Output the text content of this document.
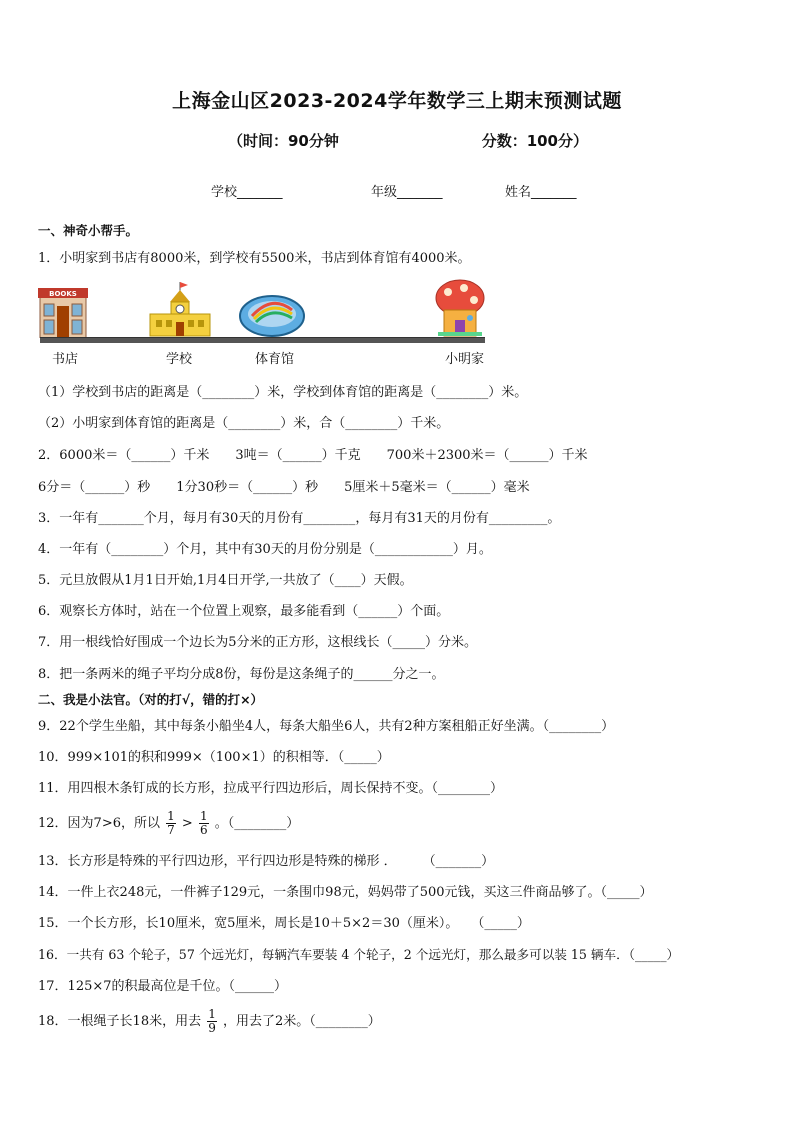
上海金山区2023-2024学年数学三上期末预测试题
（时间：90分钟	分数：100分）
学校_______	年级_______	姓名_______
一、神奇小帮手。
1．小明家到书店有8000米，到学校有5500米，书店到体育馆有4000米。
BOOKS
书店	学校	体育馆	小明家
（1）学校到书店的距离是（________）米，学校到体育馆的距离是（________）米。
（2）小明家到体育馆的距离是（________）米，合（________）千米。
2．6000米＝（______）千米　　3吨＝（______）千克　　700米＋2300米＝（______）千米
6分＝（______）秒　　1分30秒＝（______）秒　　5厘米＋5毫米＝（______）毫米
3．一年有_______个月，每月有30天的月份有________，每月有31天的月份有_________。
4．一年有（________）个月，其中有30天的月份分别是（____________）月。
5．元旦放假从1月1日开始,1月4日开学,一共放了（____）天假。
6．观察长方体时，站在一个位置上观察，最多能看到（______）个面。
7．用一根线恰好围成一个边长为5分米的正方形，这根线长（_____）分米。
8．把一条两米的绳子平均分成8份，每份是这条绳子的______分之一。
二、我是小法官。（对的打√，错的打×）
9．22个学生坐船，其中每条小船坐4人，每条大船坐6人，共有2种方案租船正好坐满。（________）
10．999×101的积和999×（100×1）的积相等．（_____）
11．用四根木条钉成的长方形，拉成平行四边形后，周长保持不变。（________）
12．因为7>6，所以 $\frac{1}{7} > \frac{1}{6}$ 。（________）
13．长方形是特殊的平行四边形，平行四边形是特殊的梯形 ．　　　（_______）
14．一件上衣248元，一件裤子129元，一条围巾98元，妈妈带了500元钱，买这三件商品够了。（_____）
15．一个长方形，长10厘米，宽5厘米，周长是10＋5×2＝30（厘米）。　　（_____）
16．一共有 63 个轮子，57 个远光灯，每辆汽车要装 4 个轮子，2 个远光灯，那么最多可以装 15 辆车．（_____）
17．125×7的积最高位是千位。（______）
18．一根绳子长18米，用去 $\frac{1}{9}$ ，用去了2米。（________）
